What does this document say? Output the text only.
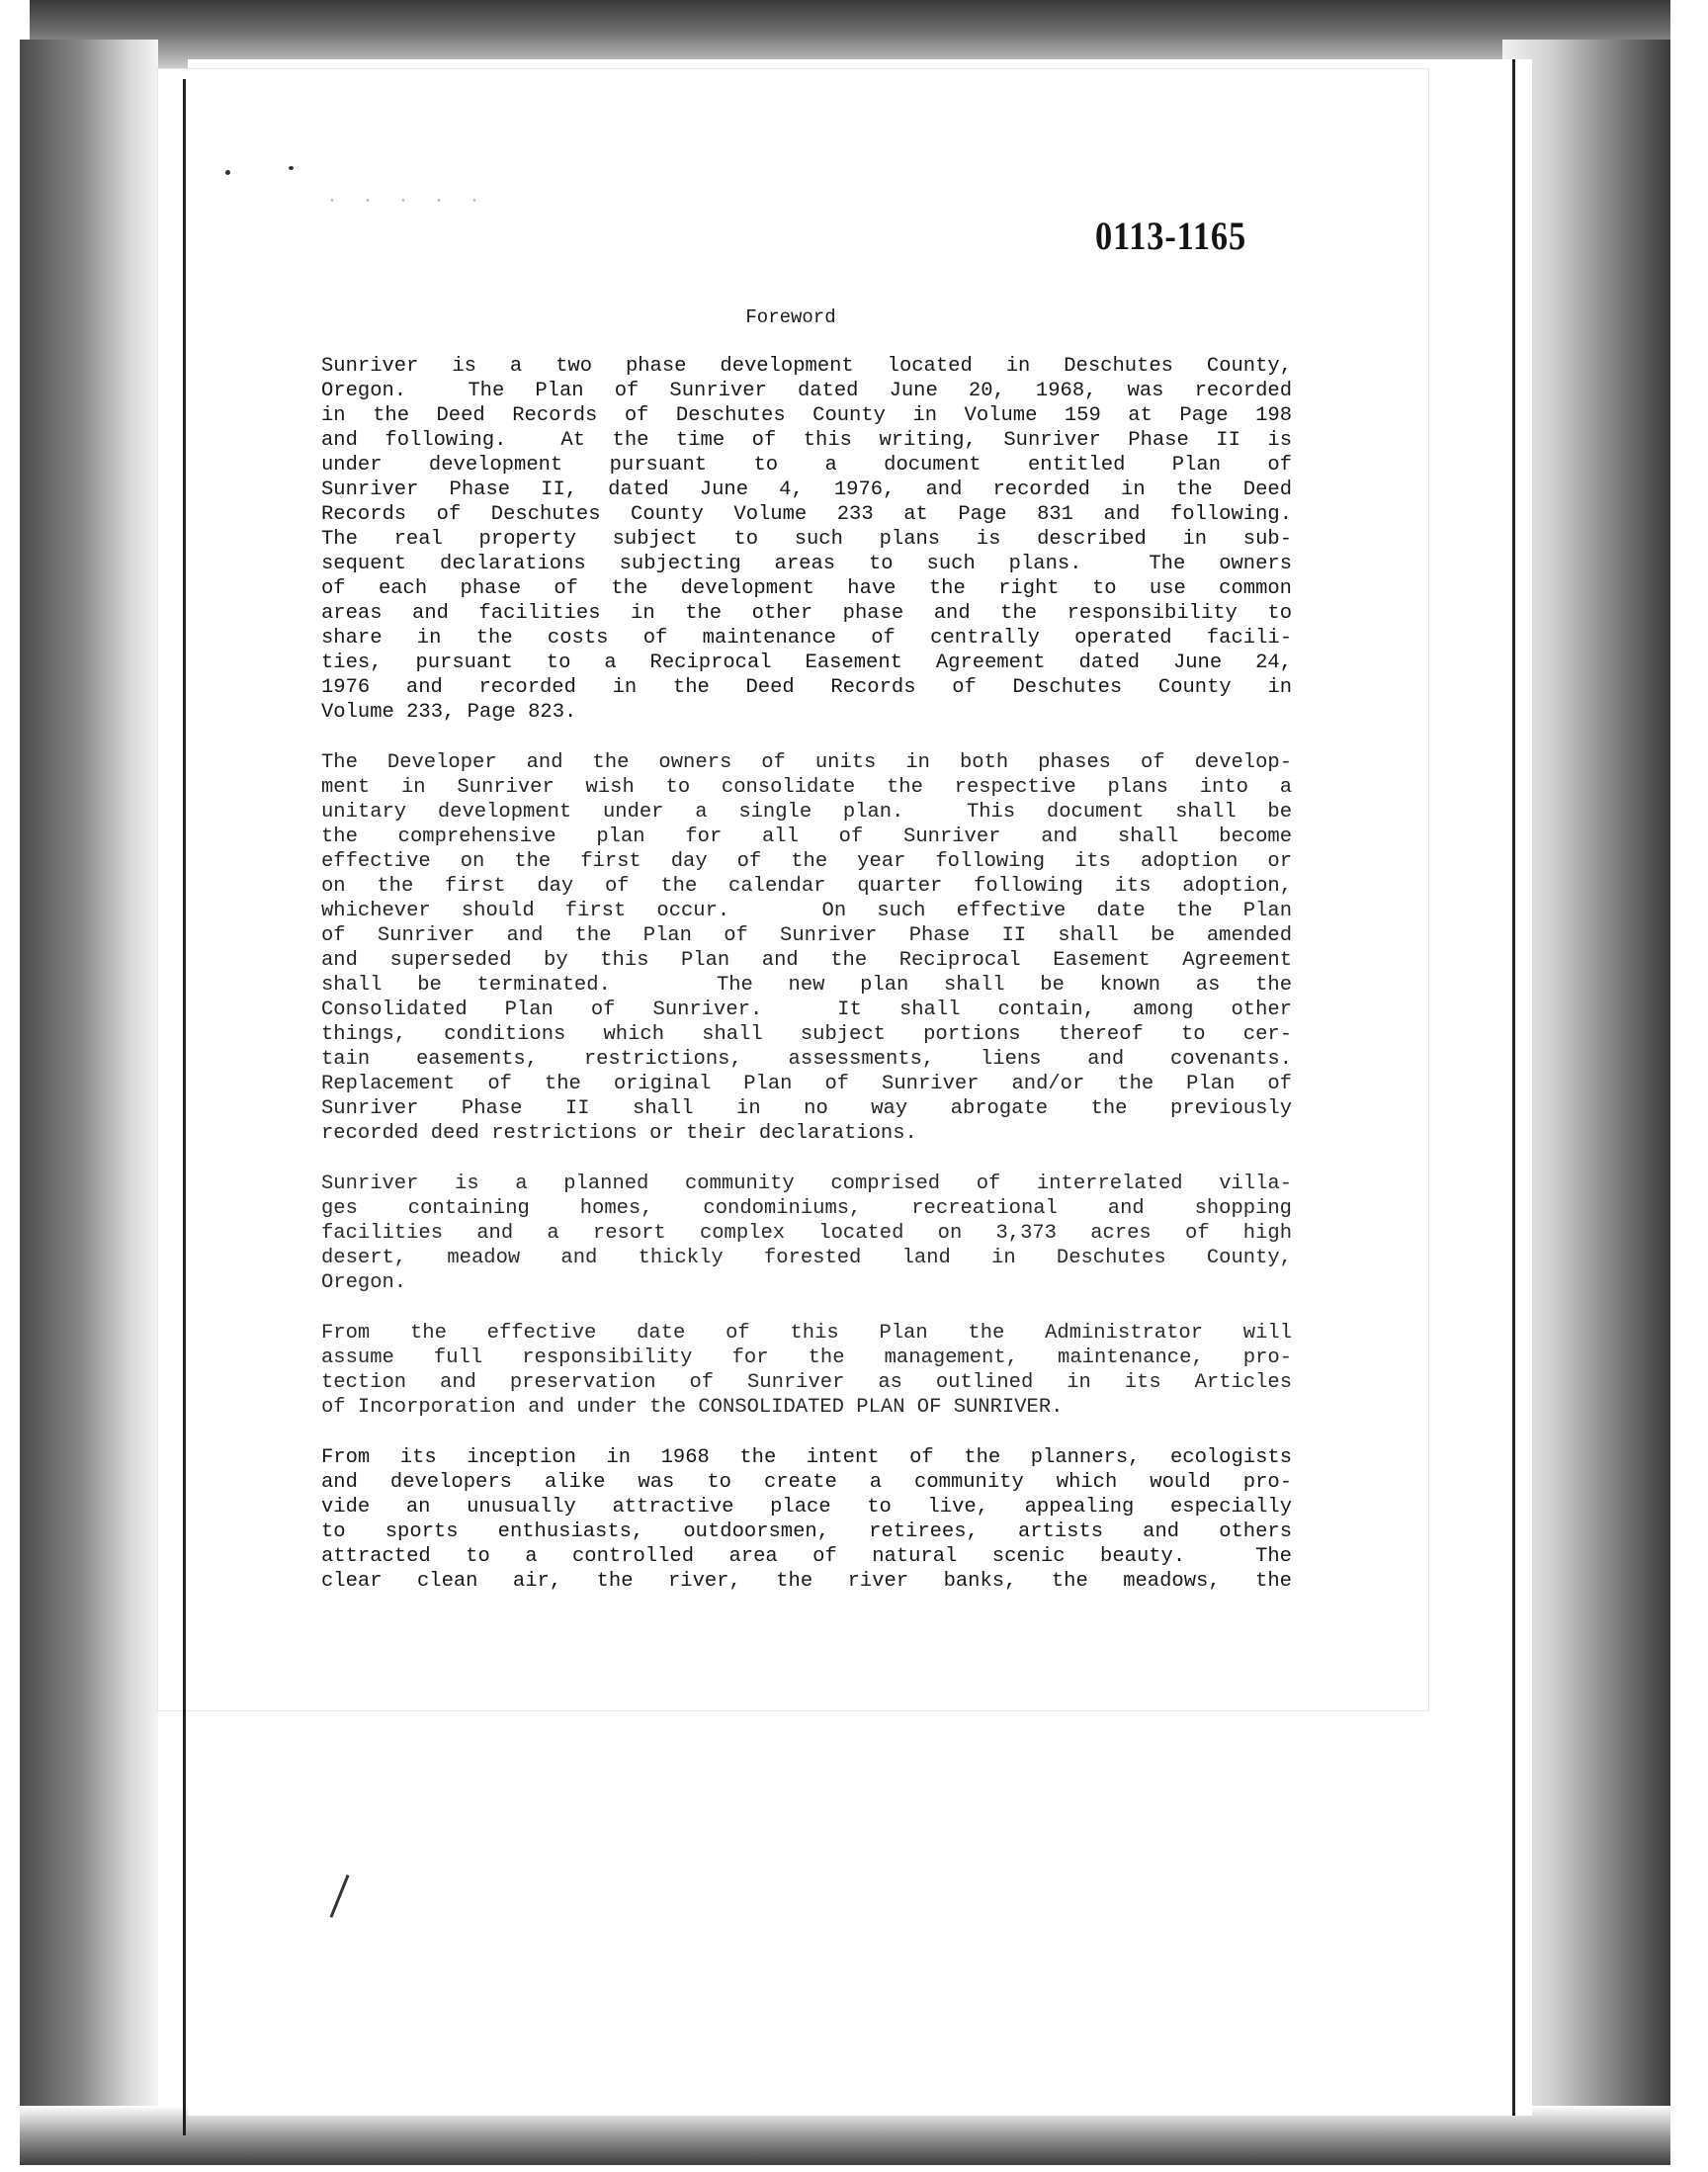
· · · · ·
0113-1165
Foreword
Sunriver is a two phase development located in Deschutes County,
Oregon.  The Plan of Sunriver dated June 20, 1968, was recorded
in the Deed Records of Deschutes County in Volume 159 at Page 198
and following.  At the time of this writing, Sunriver Phase II is
under development pursuant to a document entitled Plan of
Sunriver Phase II, dated June 4, 1976, and recorded in the Deed
Records of Deschutes County Volume 233 at Page 831 and following.
The real property subject to such plans is described in sub-
sequent declarations subjecting areas to such plans.  The owners
of each phase of the development have the right to use common
areas and facilities in the other phase and the responsibility to
share in the costs of maintenance of centrally operated facili-
ties, pursuant to a Reciprocal Easement Agreement dated June 24,
1976 and recorded in the Deed Records of Deschutes County in
Volume 233, Page 823.
The Developer and the owners of units in both phases of develop-
ment in Sunriver wish to consolidate the respective plans into a
unitary development under a single plan.  This document shall be
the comprehensive plan for all of Sunriver and shall become
effective on the first day of the year following its adoption or
on the first day of the calendar quarter following its adoption,
whichever should first occur.   On such effective date the Plan
of Sunriver and the Plan of Sunriver Phase II shall be amended
and superseded by this Plan and the Reciprocal Easement Agreement
shall be terminated.   The new plan shall be known as the
Consolidated Plan of Sunriver.  It shall contain, among other
things, conditions which shall subject portions thereof to cer-
tain easements, restrictions, assessments, liens and covenants.
Replacement of the original Plan of Sunriver and/or the Plan of
Sunriver Phase II shall in no way abrogate the previously
recorded deed restrictions or their declarations.
Sunriver is a planned community comprised of interrelated villa-
ges containing homes, condominiums, recreational and shopping
facilities and a resort complex located on 3,373 acres of high
desert, meadow and thickly forested land in Deschutes County,
Oregon.
From the effective date of this Plan the Administrator will
assume full responsibility for the management, maintenance, pro-
tection and preservation of Sunriver as outlined in its Articles
of Incorporation and under the CONSOLIDATED PLAN OF SUNRIVER.
From its inception in 1968 the intent of the planners, ecologists
and developers alike was to create a community which would pro-
vide an unusually attractive place to live, appealing especially
to sports enthusiasts, outdoorsmen, retirees, artists and others
attracted to a controlled area of natural scenic beauty.  The
clear clean air, the river, the river banks, the meadows, the
